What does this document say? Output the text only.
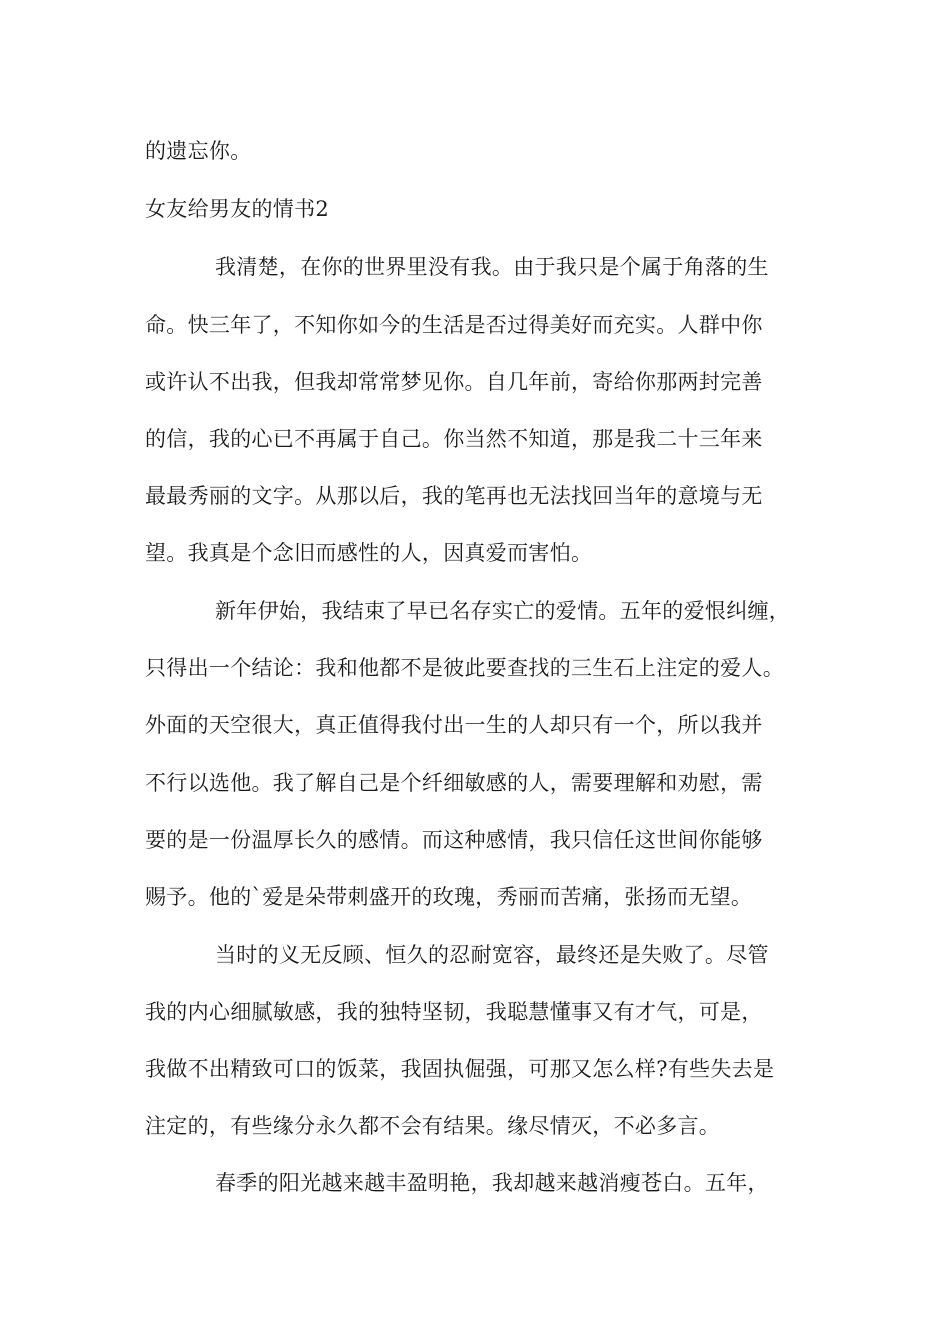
的遗忘你。
女友给男友的情书2
我清楚，在你的世界里没有我。由于我只是个属于角落的生
命。快三年了，不知你如今的生活是否过得美好而充实。人群中你
或许认不出我，但我却常常梦见你。自几年前，寄给你那两封完善
的信，我的心已不再属于自己。你当然不知道，那是我二十三年来
最最秀丽的文字。从那以后，我的笔再也无法找回当年的意境与无
望。我真是个念旧而感性的人，因真爱而害怕。
新年伊始，我结束了早已名存实亡的爱情。五年的爱恨纠缠，
只得出一个结论：我和他都不是彼此要查找的三生石上注定的爱人。
外面的天空很大，真正值得我付出一生的人却只有一个，所以我并
不行以选他。我了解自己是个纤细敏感的人，需要理解和劝慰，需
要的是一份温厚长久的感情。而这种感情，我只信任这世间你能够
赐予。他的`爱是朵带刺盛开的玫瑰，秀丽而苦痛，张扬而无望。
当时的义无反顾、恒久的忍耐宽容，最终还是失败了。尽管
我的内心细腻敏感，我的独特坚韧，我聪慧懂事又有才气，可是，
我做不出精致可口的饭菜，我固执倔强，可那又怎么样?有些失去是
注定的，有些缘分永久都不会有结果。缘尽情灭，不必多言。
春季的阳光越来越丰盈明艳，我却越来越消瘦苍白。五年，
